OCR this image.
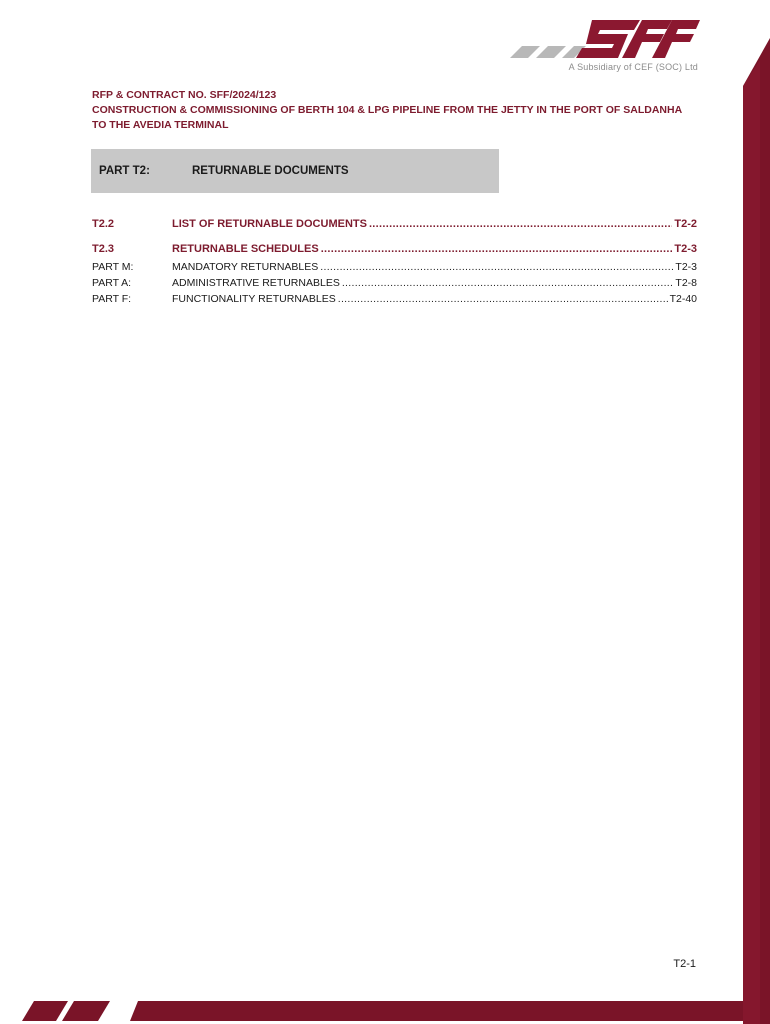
A Subsidiary of CEF (SOC) Ltd
RFP & CONTRACT NO. SFF/2024/123
CONSTRUCTION & COMMISSIONING OF BERTH 104 & LPG PIPELINE FROM THE JETTY IN THE PORT OF SALDANHA
TO THE AVEDIA TERMINAL
PART T2:	RETURNABLE DOCUMENTS
T2.2	LIST OF RETURNABLE DOCUMENTS .....	T2-2
T2.3	RETURNABLE SCHEDULES .....	T2-3
PART M:	MANDATORY RETURNABLES .....	T2-3
PART A:	ADMINISTRATIVE RETURNABLES .....	T2-8
PART F:	FUNCTIONALITY RETURNABLES .....	T2-40
T2-1
